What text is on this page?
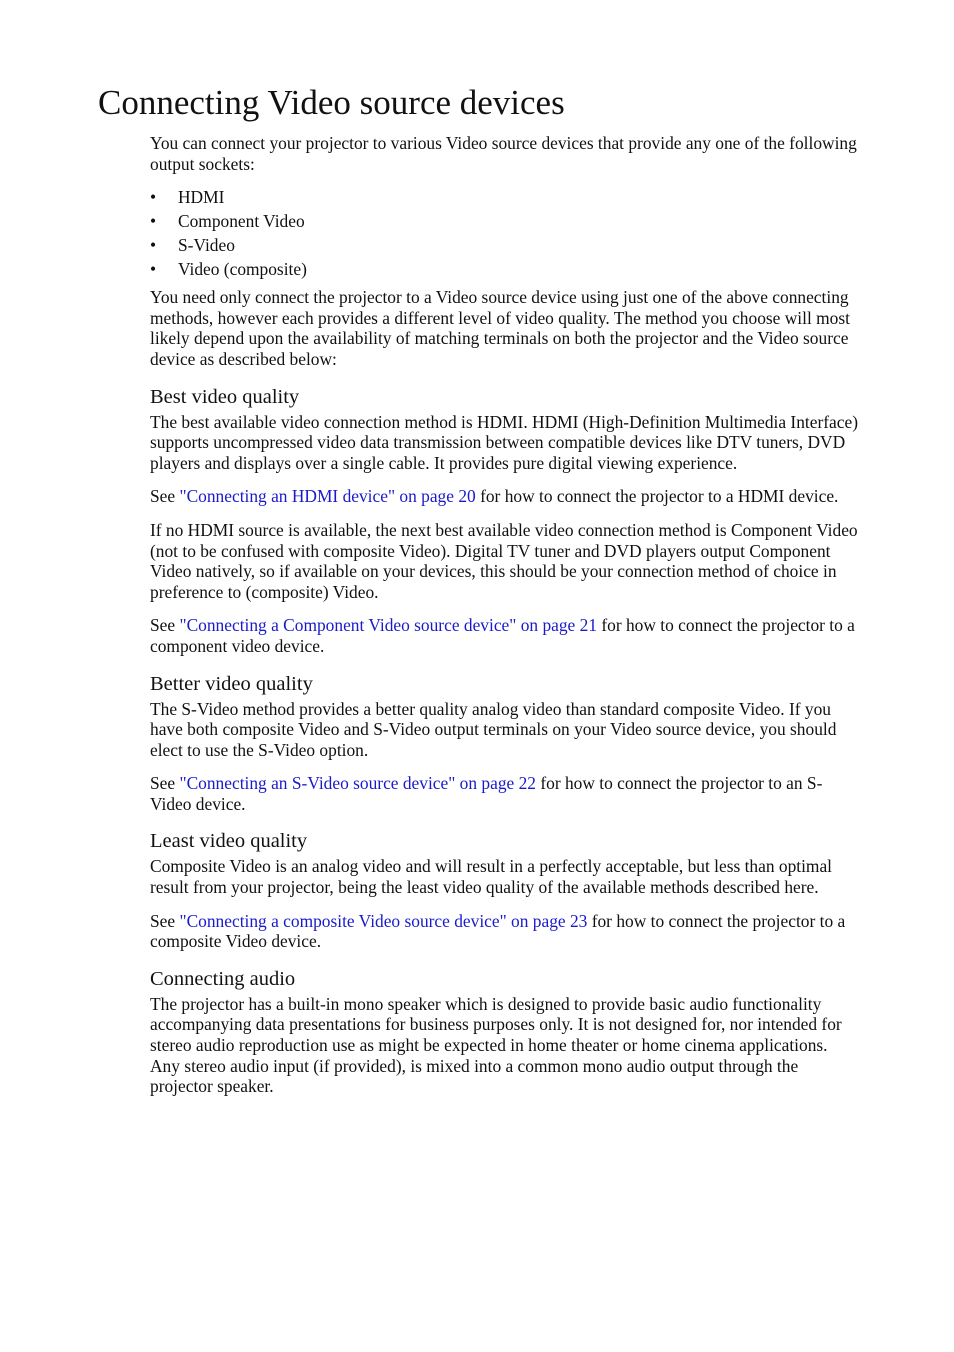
Connecting Video source devices

You can connect your projector to various Video source devices that provide any one of the following output sockets:

• HDMI
• Component Video
• S-Video
• Video (composite)

You need only connect the projector to a Video source device using just one of the above connecting methods, however each provides a different level of video quality. The method you choose will most likely depend upon the availability of matching terminals on both the projector and the Video source device as described below:

Best video quality

The best available video connection method is HDMI. HDMI (High-Definition Multimedia Interface) supports uncompressed video data transmission between compatible devices like DTV tuners, DVD players and displays over a single cable. It provides pure digital viewing experience.

See "Connecting an HDMI device" on page 20 for how to connect the projector to a HDMI device.

If no HDMI source is available, the next best available video connection method is Component Video (not to be confused with composite Video). Digital TV tuner and DVD players output Component Video natively, so if available on your devices, this should be your connection method of choice in preference to (composite) Video.

See "Connecting a Component Video source device" on page 21 for how to connect the projector to a component video device.

Better video quality

The S-Video method provides a better quality analog video than standard composite Video. If you have both composite Video and S-Video output terminals on your Video source device, you should elect to use the S-Video option.

See "Connecting an S-Video source device" on page 22 for how to connect the projector to an S-Video device.

Least video quality

Composite Video is an analog video and will result in a perfectly acceptable, but less than optimal result from your projector, being the least video quality of the available methods described here.

See "Connecting a composite Video source device" on page 23 for how to connect the projector to a composite Video device.

Connecting audio

The projector has a built-in mono speaker which is designed to provide basic audio functionality accompanying data presentations for business purposes only. It is not designed for, nor intended for stereo audio reproduction use as might be expected in home theater or home cinema applications. Any stereo audio input (if provided), is mixed into a common mono audio output through the projector speaker.
